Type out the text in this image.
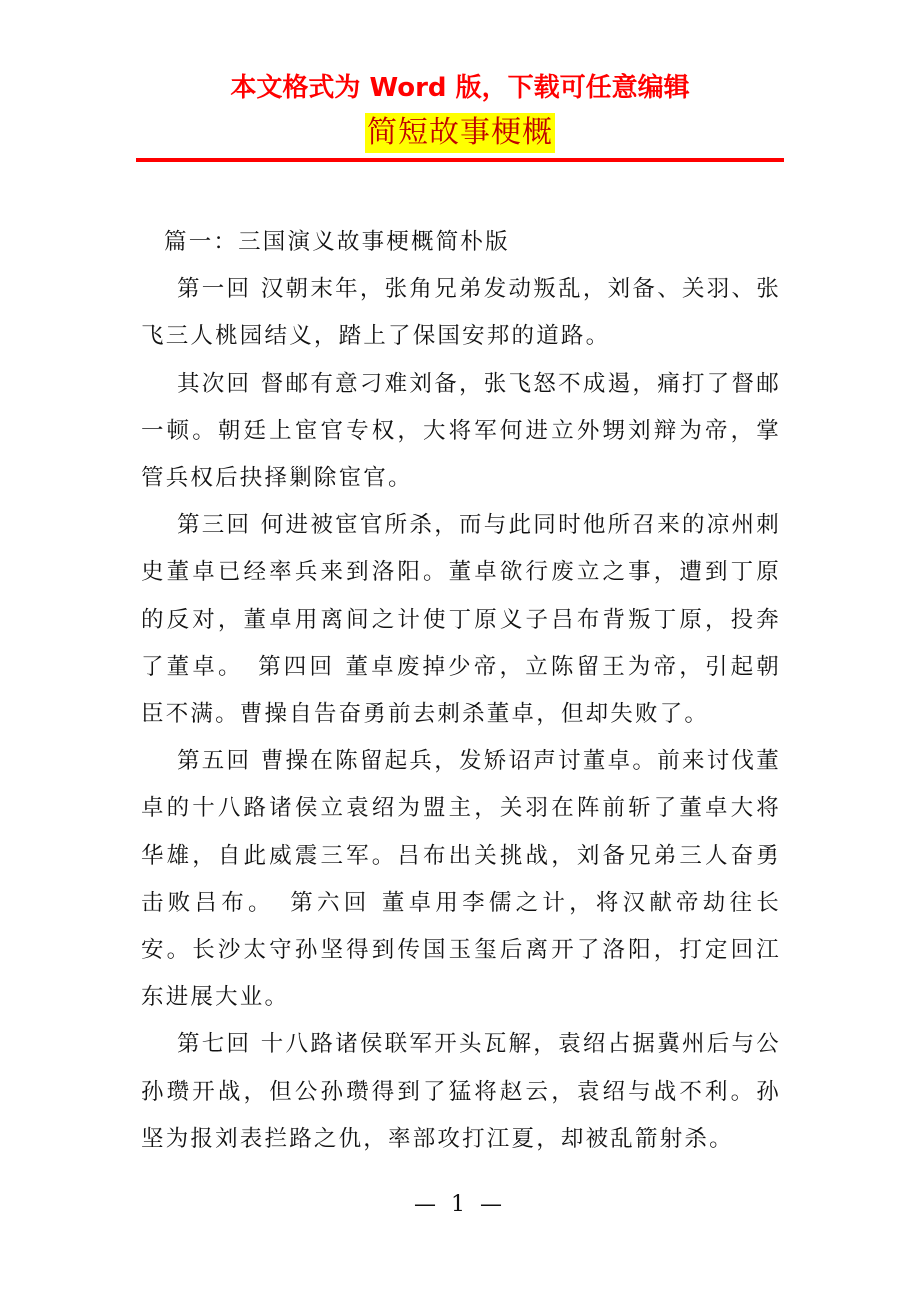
本文格式为 Word 版，下载可任意编辑
简短故事梗概

篇一：三国演义故事梗概简朴版

第一回 汉朝末年，张角兄弟发动叛乱，刘备、关羽、张飞三人桃园结义，踏上了保国安邦的道路。

其次回 督邮有意刁难刘备，张飞怒不成遏，痛打了督邮一顿。朝廷上宦官专权，大将军何进立外甥刘辩为帝，掌管兵权后抉择剿除宦官。

第三回 何进被宦官所杀，而与此同时他所召来的凉州刺史董卓已经率兵来到洛阳。董卓欲行废立之事，遭到丁原的反对，董卓用离间之计使丁原义子吕布背叛丁原，投奔了董卓。　第四回 董卓废掉少帝，立陈留王为帝，引起朝臣不满。曹操自告奋勇前去刺杀董卓，但却失败了。

第五回 曹操在陈留起兵，发矫诏声讨董卓。前来讨伐董卓的十八路诸侯立袁绍为盟主，关羽在阵前斩了董卓大将华雄，自此威震三军。吕布出关挑战，刘备兄弟三人奋勇击败吕布。　第六回 董卓用李儒之计，将汉献帝劫往长安。长沙太守孙坚得到传国玉玺后离开了洛阳，打定回江东进展大业。

第七回 十八路诸侯联军开头瓦解，袁绍占据冀州后与公孙瓒开战，但公孙瓒得到了猛将赵云，袁绍与战不利。孙坚为报刘表拦路之仇，率部攻打江夏，却被乱箭射杀。

— 1 —
